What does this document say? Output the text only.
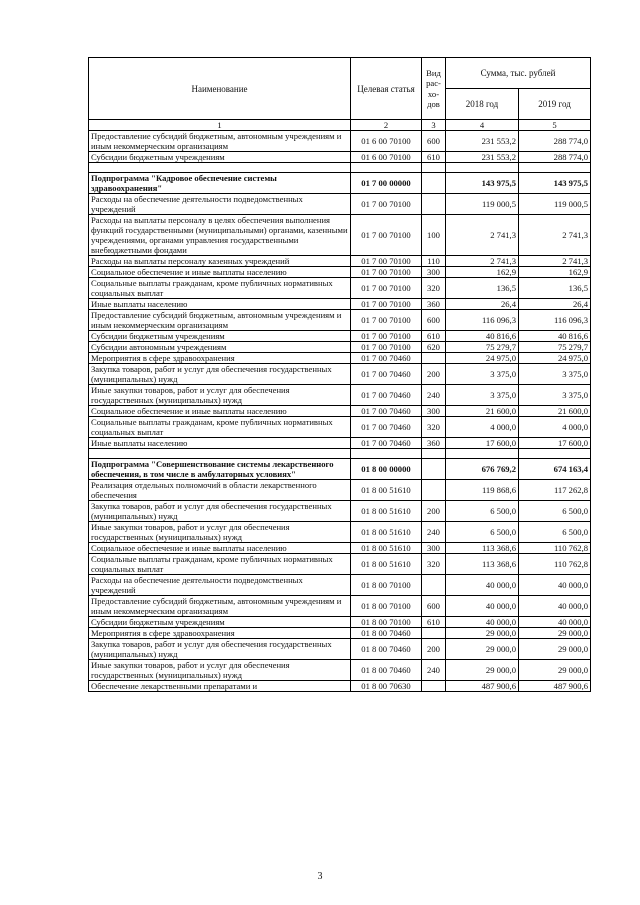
Наименование	Целевая статья	Вид рас-хо-дов	Сумма, тыс. рублей	
			2018 год	2019 год
1	2	3	4	5
Предоставление субсидий бюджетным, автономным учреждениям и иным некоммерческим организациям	01 6 00 70100	600	231 553,2	288 774,0
Субсидии бюджетным учреждениям	01 6 00 70100	610	231 553,2	288 774,0

Подпрограмма "Кадровое обеспечение системы здравоохранения"	01 7 00 00000		143 975,5	143 975,5
Расходы на обеспечение деятельности подведомственных учреждений	01 7 00 70100		119 000,5	119 000,5
Расходы на выплаты персоналу в целях обеспечения выполнения функций государственными (муниципальными) органами, казенными учреждениями, органами управления государственными внебюджетными фондами	01 7 00 70100	100	2 741,3	2 741,3
Расходы на выплаты персоналу казенных учреждений	01 7 00 70100	110	2 741,3	2 741,3
Социальное обеспечение и иные выплаты населению	01 7 00 70100	300	162,9	162,9
Социальные выплаты гражданам, кроме публичных нормативных социальных выплат	01 7 00 70100	320	136,5	136,5
Иные выплаты населению	01 7 00 70100	360	26,4	26,4
Предоставление субсидий бюджетным, автономным учреждениям и иным некоммерческим организациям	01 7 00 70100	600	116 096,3	116 096,3
Субсидии бюджетным учреждениям	01 7 00 70100	610	40 816,6	40 816,6
Субсидии автономным учреждениям	01 7 00 70100	620	75 279,7	75 279,7
Мероприятия в сфере здравоохранения	01 7 00 70460		24 975,0	24 975,0
Закупка товаров, работ и услуг для обеспечения государственных (муниципальных) нужд	01 7 00 70460	200	3 375,0	3 375,0
Иные закупки товаров, работ и услуг для обеспечения государственных (муниципальных) нужд	01 7 00 70460	240	3 375,0	3 375,0
Социальное обеспечение и иные выплаты населению	01 7 00 70460	300	21 600,0	21 600,0
Социальные выплаты гражданам, кроме публичных нормативных социальных выплат	01 7 00 70460	320	4 000,0	4 000,0
Иные выплаты населению	01 7 00 70460	360	17 600,0	17 600,0

Подпрограмма "Совершенствование системы лекарственного обеспечения, в том числе в амбулаторных условиях"	01 8 00 00000		676 769,2	674 163,4
Реализация отдельных полномочий в области лекарственного обеспечения	01 8 00 51610		119 868,6	117 262,8
Закупка товаров, работ и услуг для обеспечения государственных (муниципальных) нужд	01 8 00 51610	200	6 500,0	6 500,0
Иные закупки товаров, работ и услуг для обеспечения государственных (муниципальных) нужд	01 8 00 51610	240	6 500,0	6 500,0
Социальное обеспечение и иные выплаты населению	01 8 00 51610	300	113 368,6	110 762,8
Социальные выплаты гражданам, кроме публичных нормативных социальных выплат	01 8 00 51610	320	113 368,6	110 762,8
Расходы на обеспечение деятельности подведомственных учреждений	01 8 00 70100		40 000,0	40 000,0
Предоставление субсидий бюджетным, автономным учреждениям и иным некоммерческим организациям	01 8 00 70100	600	40 000,0	40 000,0
Субсидии бюджетным учреждениям	01 8 00 70100	610	40 000,0	40 000,0
Мероприятия в сфере здравоохранения	01 8 00 70460		29 000,0	29 000,0
Закупка товаров, работ и услуг для обеспечения государственных (муниципальных) нужд	01 8 00 70460	200	29 000,0	29 000,0
Иные закупки товаров, работ и услуг для обеспечения государственных (муниципальных) нужд	01 8 00 70460	240	29 000,0	29 000,0
Обеспечение лекарственными препаратами и	01 8 00 70630		487 900,6	487 900,6
3
